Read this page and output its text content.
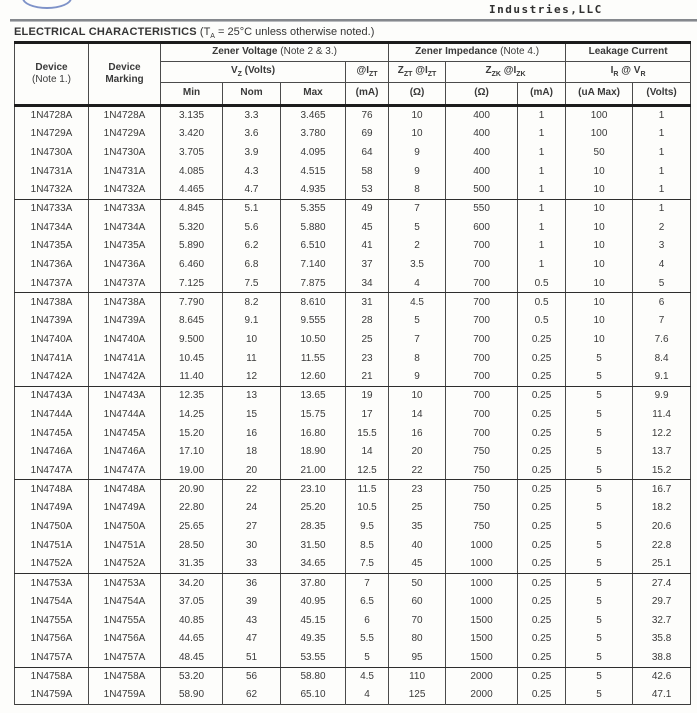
Industries,LLC
ELECTRICAL CHARACTERISTICS ($T_A = 25^\circ C$ unless otherwise noted.)
Device
(Note 1.)	Device
Marking	Zener Voltage (Note 2 & 3.)				Zener Impedance (Note 4.)			Leakage Current	
		$V_Z$ (Volts)			$@I_{ZT}$	$Z_{ZT}$ $@I_{ZT}$	$Z_{ZK}$ $@I_{ZK}$		$I_R$ @ $V_R$
		Min	Nom	Max	(mA)	(Ω)	(Ω)	(mA)	(uA Max)	(Volts)
1N4728A	1N4728A	3.135	3.3	3.465	76	10	400	1	100	1
1N4729A	1N4729A	3.420	3.6	3.780	69	10	400	1	100	1
1N4730A	1N4730A	3.705	3.9	4.095	64	9	400	1	50	1
1N4731A	1N4731A	4.085	4.3	4.515	58	9	400	1	10	1
1N4732A	1N4732A	4.465	4.7	4.935	53	8	500	1	10	1
1N4733A	1N4733A	4.845	5.1	5.355	49	7	550	1	10	1
1N4734A	1N4734A	5.320	5.6	5.880	45	5	600	1	10	2
1N4735A	1N4735A	5.890	6.2	6.510	41	2	700	1	10	3
1N4736A	1N4736A	6.460	6.8	7.140	37	3.5	700	1	10	4
1N4737A	1N4737A	7.125	7.5	7.875	34	4	700	0.5	10	5
1N4738A	1N4738A	7.790	8.2	8.610	31	4.5	700	0.5	10	6
1N4739A	1N4739A	8.645	9.1	9.555	28	5	700	0.5	10	7
1N4740A	1N4740A	9.500	10	10.50	25	7	700	0.25	10	7.6
1N4741A	1N4741A	10.45	11	11.55	23	8	700	0.25	5	8.4
1N4742A	1N4742A	11.40	12	12.60	21	9	700	0.25	5	9.1
1N4743A	1N4743A	12.35	13	13.65	19	10	700	0.25	5	9.9
1N4744A	1N4744A	14.25	15	15.75	17	14	700	0.25	5	11.4
1N4745A	1N4745A	15.20	16	16.80	15.5	16	700	0.25	5	12.2
1N4746A	1N4746A	17.10	18	18.90	14	20	750	0.25	5	13.7
1N4747A	1N4747A	19.00	20	21.00	12.5	22	750	0.25	5	15.2
1N4748A	1N4748A	20.90	22	23.10	11.5	23	750	0.25	5	16.7
1N4749A	1N4749A	22.80	24	25.20	10.5	25	750	0.25	5	18.2
1N4750A	1N4750A	25.65	27	28.35	9.5	35	750	0.25	5	20.6
1N4751A	1N4751A	28.50	30	31.50	8.5	40	1000	0.25	5	22.8
1N4752A	1N4752A	31.35	33	34.65	7.5	45	1000	0.25	5	25.1
1N4753A	1N4753A	34.20	36	37.80	7	50	1000	0.25	5	27.4
1N4754A	1N4754A	37.05	39	40.95	6.5	60	1000	0.25	5	29.7
1N4755A	1N4755A	40.85	43	45.15	6	70	1500	0.25	5	32.7
1N4756A	1N4756A	44.65	47	49.35	5.5	80	1500	0.25	5	35.8
1N4757A	1N4757A	48.45	51	53.55	5	95	1500	0.25	5	38.8
1N4758A	1N4758A	53.20	56	58.80	4.5	110	2000	0.25	5	42.6
1N4759A	1N4759A	58.90	62	65.10	4	125	2000	0.25	5	47.1
